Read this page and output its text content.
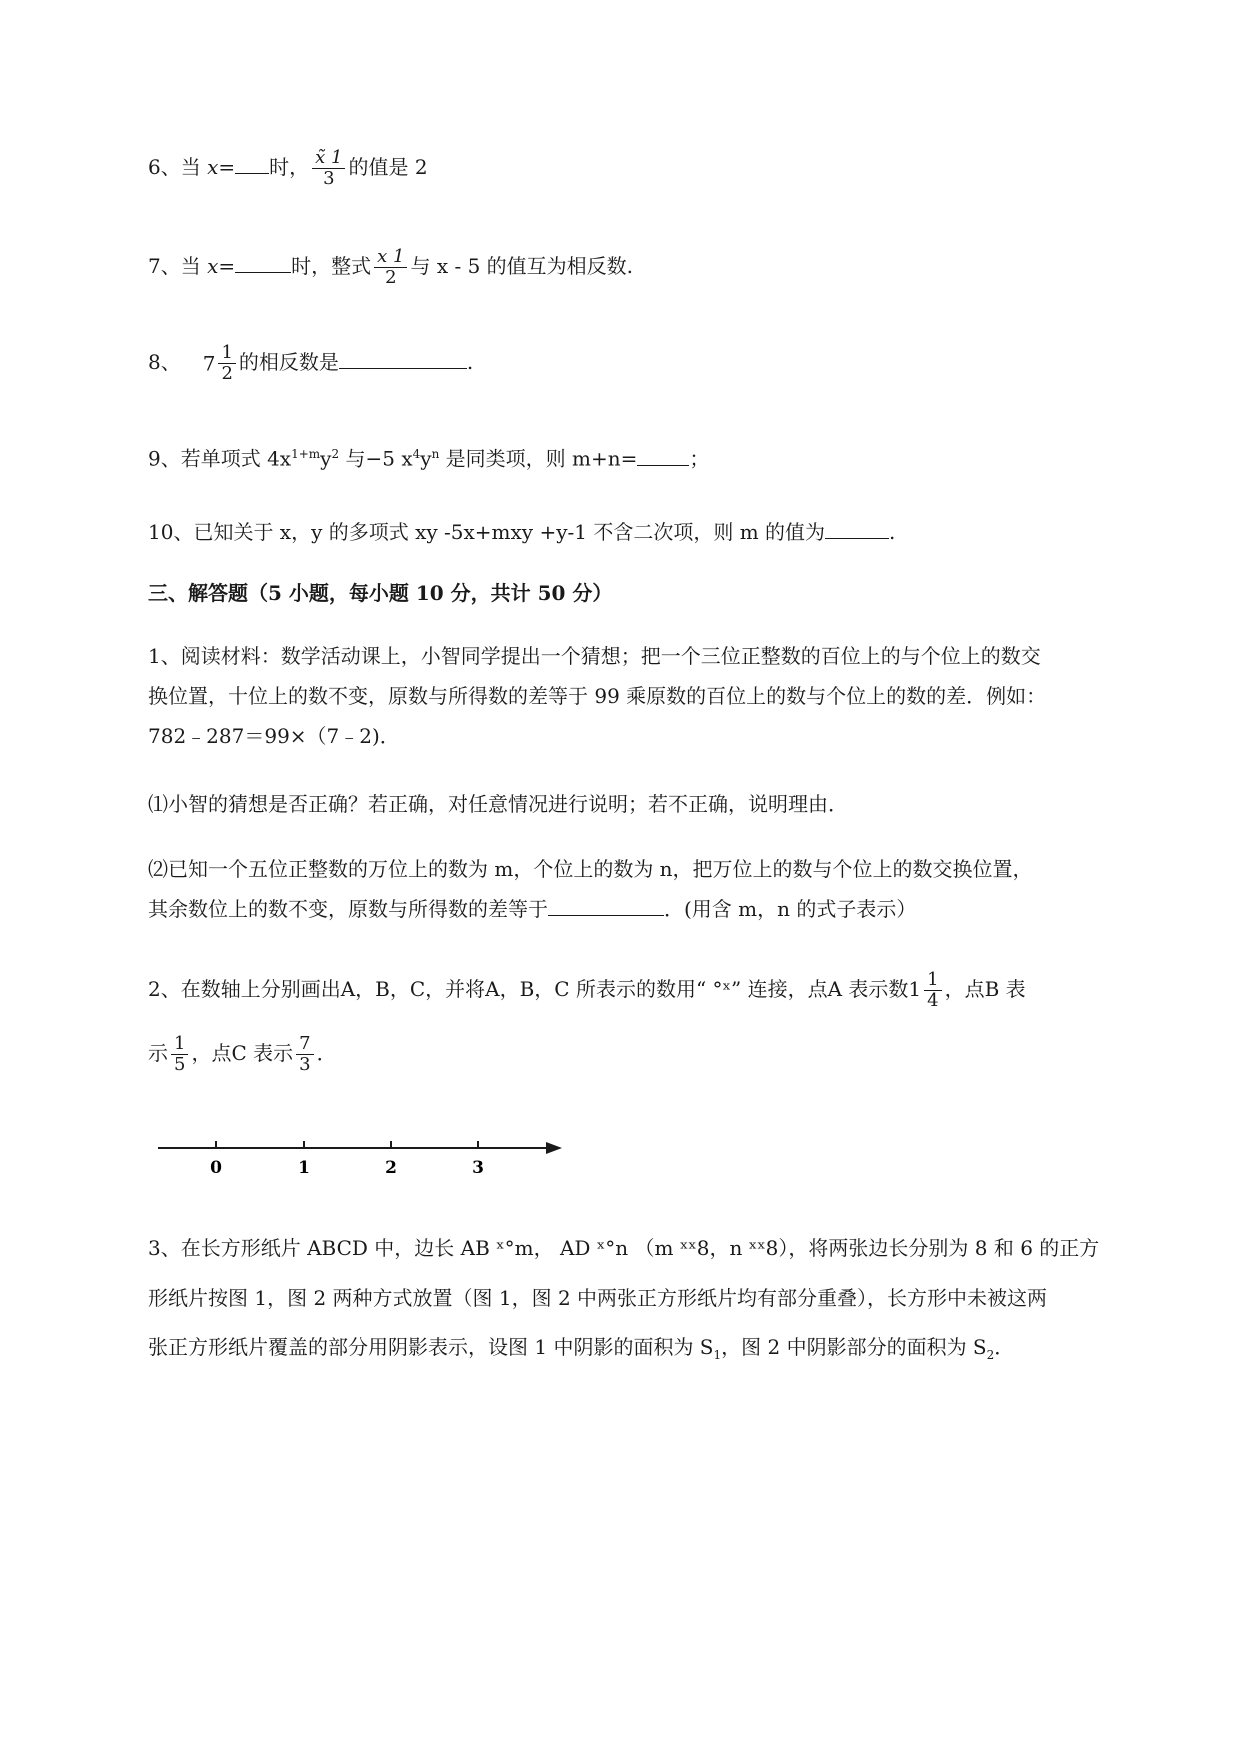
6、当 x= 时， $\frac{x̃ 1}{3}$ 的值是 2
7、当 x=	时，整式 $\frac{x 1}{2}$ 与 x - 5 的值互为相反数.
8、 $7 \frac{1}{2}$ 的相反数是	.
9、若单项式 $4x^{1+m}y^2$ 与−5 $x^4y^n$ 是同类项，则 m+n=	；
10、已知关于 x，y 的多项式 xy -5x+mxy +y-1 不含二次项，则 m 的值为	.
三、解答题（5 小题，每小题 10 分，共计 50 分）
1、阅读材料：数学活动课上，小智同学提出一个猜想；把一个三位正整数的百位上的与个位上的数交
换位置，十位上的数不变，原数与所得数的差等于 99 乘原数的百位上的数与个位上的数的差．例如：
782﹣287＝99×（7﹣2)．
⑴小智的猜想是否正确？若正确，对任意情况进行说明；若不正确，说明理由．
⑵已知一个五位正整数的万位上的数为 m，个位上的数为 n，把万位上的数与个位上的数交换位置，
其余数位上的数不变，原数与所得数的差等于	．(用含 m，n 的式子表示）
2、在数轴上分别画出A，B，C，并将A，B，C 所表示的数用“ °ˣ” 连接，点A 表示数$1 \frac{1}{4}$ ，点B 表
示 $\frac{1}{5}$ ，点C 表示 $\frac{7}{3}$ ．
0	1	2	3
3、在长方形纸片 ABCD 中，边长 AB ˣ°m， AD ˣ°n （m ˣˣ8，n ˣˣ8），将两张边长分别为 8 和 6 的正方
形纸片按图 1，图 2 两种方式放置（图 1，图 2 中两张正方形纸片均有部分重叠），长方形中未被这两
张正方形纸片覆盖的部分用阴影表示，设图 1 中阴影的面积为 $S_1$，图 2 中阴影部分的面积为 $S_2$．
